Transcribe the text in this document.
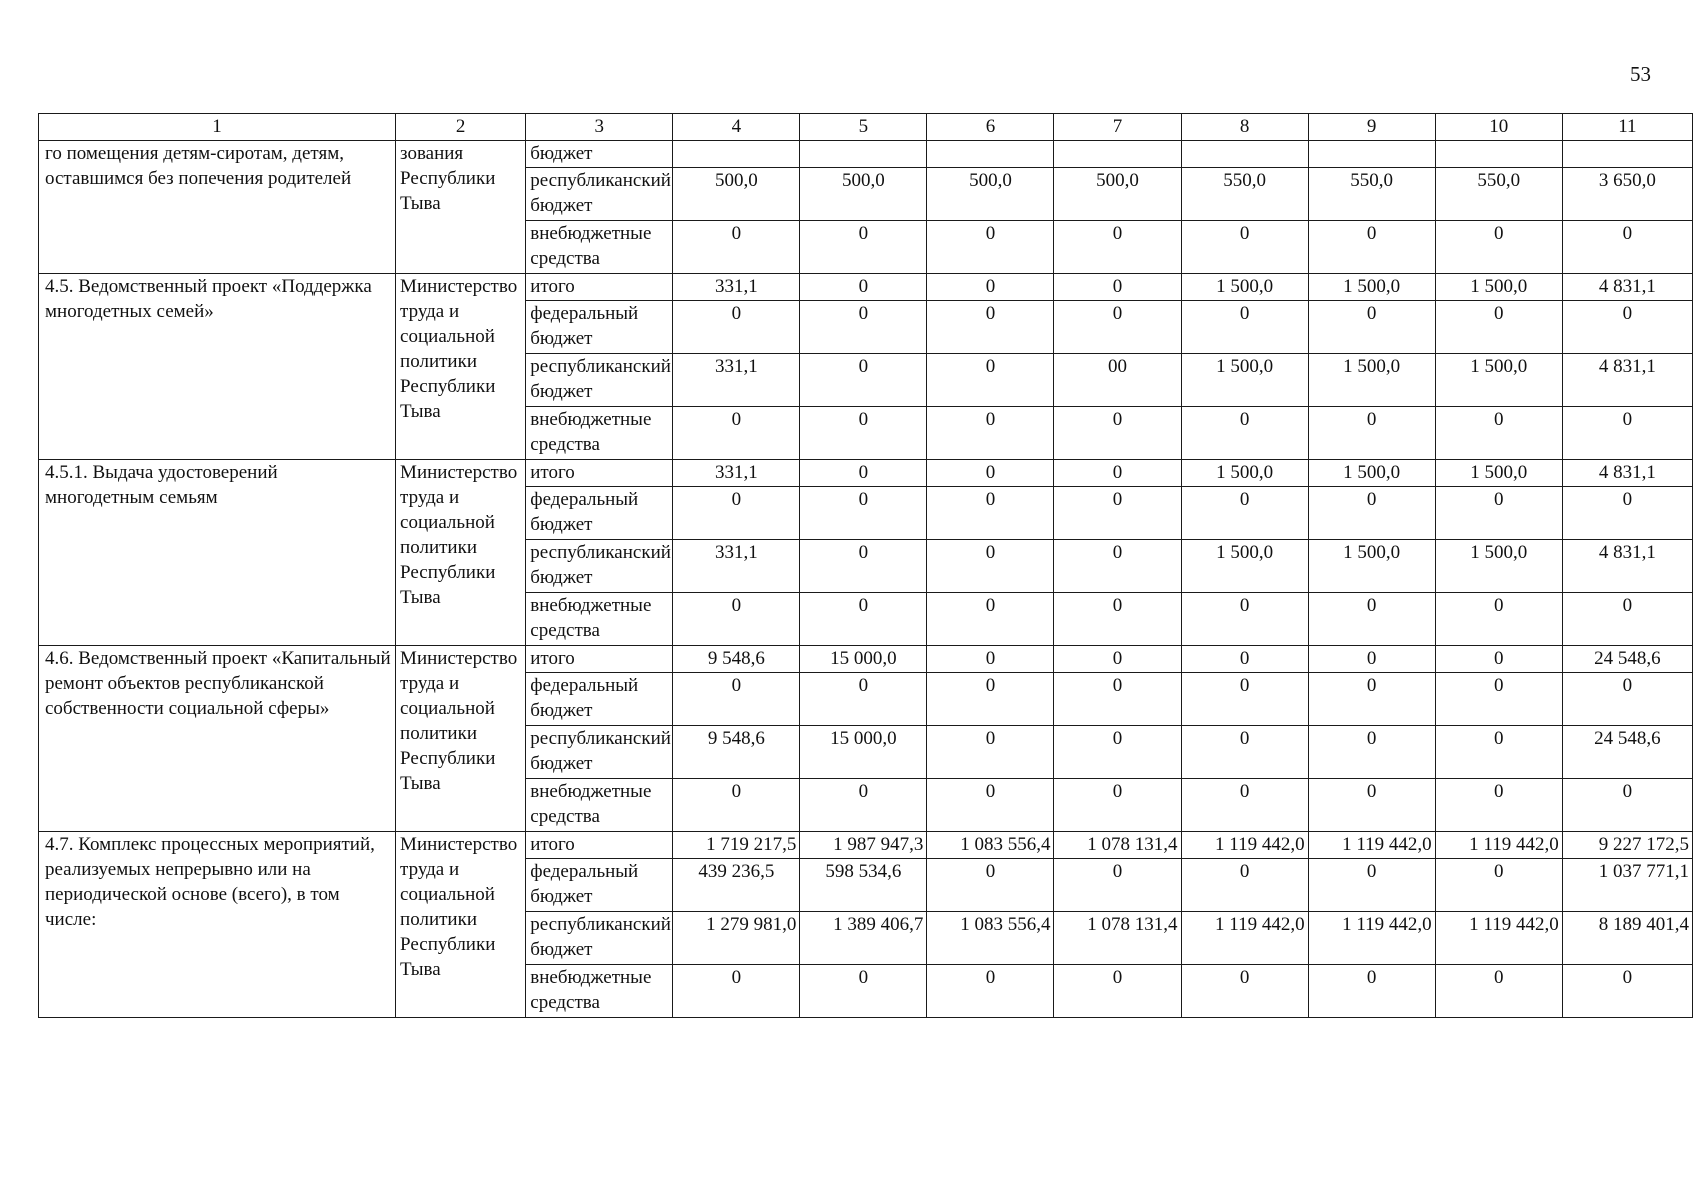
53
1	2	3	4	5	6	7	8	9	10	11
го помещения детям-сиротам, детям, оставшимся без попечения родителей	зования Республики Тыва	бюджет								
		республиканский бюджет	500,0	500,0	500,0	500,0	550,0	550,0	550,0	3 650,0
		внебюджетные средства	0	0	0	0	0	0	0	0
4.5. Ведомственный проект «Поддержка многодетных семей»	Министерство труда и социальной политики Республики Тыва	итого	331,1	0	0	0	1 500,0	1 500,0	1 500,0	4 831,1
		федеральный бюджет	0	0	0	0	0	0	0	0
		республиканский бюджет	331,1	0	0	00	1 500,0	1 500,0	1 500,0	4 831,1
		внебюджетные средства	0	0	0	0	0	0	0	0
4.5.1. Выдача удостоверений многодетным семьям	Министерство труда и социальной политики Республики Тыва	итого	331,1	0	0	0	1 500,0	1 500,0	1 500,0	4 831,1
		федеральный бюджет	0	0	0	0	0	0	0	0
		республиканский бюджет	331,1	0	0	0	1 500,0	1 500,0	1 500,0	4 831,1
		внебюджетные средства	0	0	0	0	0	0	0	0
4.6. Ведомственный проект «Капитальный ремонт объектов республиканской собственности социальной сферы»	Министерство труда и социальной политики Республики Тыва	итого	9 548,6	15 000,0	0	0	0	0	0	24 548,6
		федеральный бюджет	0	0	0	0	0	0	0	0
		республиканский бюджет	9 548,6	15 000,0	0	0	0	0	0	24 548,6
		внебюджетные средства	0	0	0	0	0	0	0	0
4.7. Комплекс процессных мероприятий, реализуемых непрерывно или на периодической основе (всего), в том числе:	Министерство труда и социальной политики Республики Тыва	итого	1 719 217,5	1 987 947,3	1 083 556,4	1 078 131,4	1 119 442,0	1 119 442,0	1 119 442,0	9 227 172,5
		федеральный бюджет	439 236,5	598 534,6	0	0	0	0	0	1 037 771,1
		республиканский бюджет	1 279 981,0	1 389 406,7	1 083 556,4	1 078 131,4	1 119 442,0	1 119 442,0	1 119 442,0	8 189 401,4
		внебюджетные средства	0	0	0	0	0	0	0	0
